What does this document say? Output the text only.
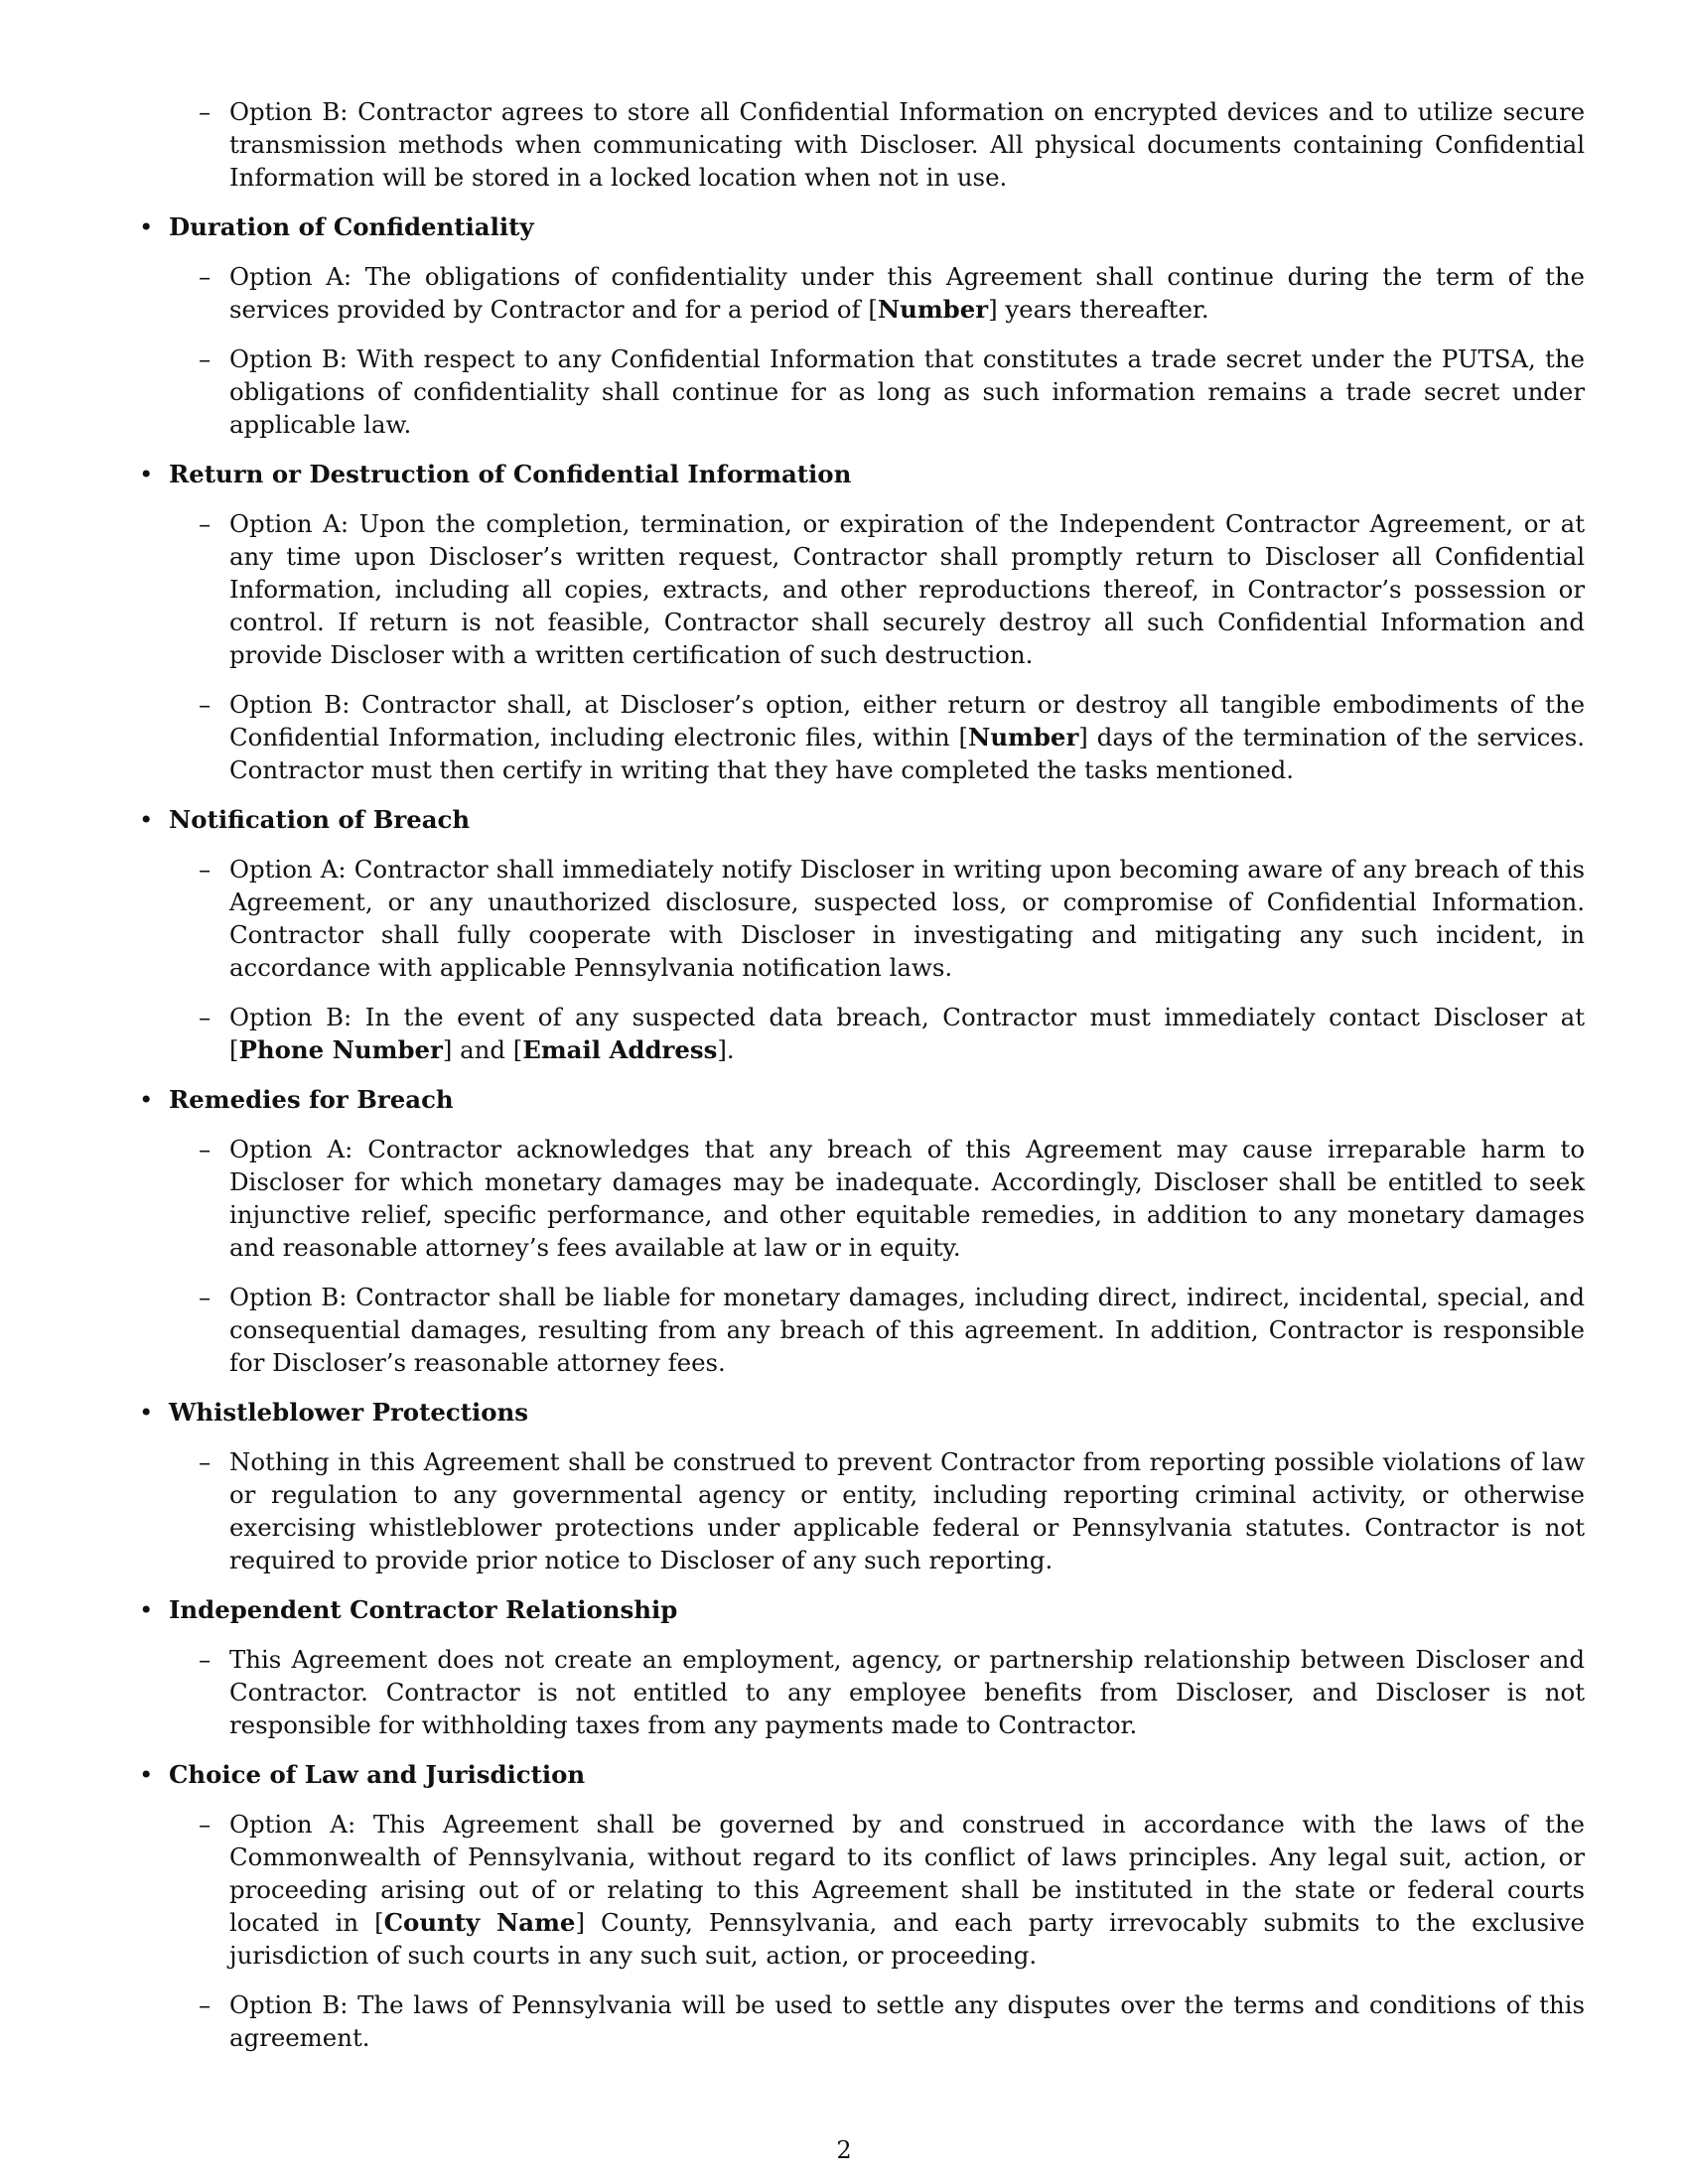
– Option B: Contractor agrees to store all Confidential Information on encrypted devices and to utilize secure transmission methods when communicating with Discloser. All physical documents containing Confidential Information will be stored in a locked location when not in use.
• Duration of Confidentiality
– Option A: The obligations of confidentiality under this Agreement shall continue during the term of the services provided by Contractor and for a period of [Number] years thereafter.
– Option B: With respect to any Confidential Information that constitutes a trade secret under the PUTSA, the obligations of confidentiality shall continue for as long as such information remains a trade secret under applicable law.
• Return or Destruction of Confidential Information
– Option A: Upon the completion, termination, or expiration of the Independent Contractor Agreement, or at any time upon Discloser’s written request, Contractor shall promptly return to Discloser all Confidential Information, including all copies, extracts, and other reproductions thereof, in Contractor’s possession or control. If return is not feasible, Contractor shall securely destroy all such Confidential Information and provide Discloser with a written certification of such destruction.
– Option B: Contractor shall, at Discloser’s option, either return or destroy all tangible embodiments of the Confidential Information, including electronic files, within [Number] days of the termination of the services. Contractor must then certify in writing that they have completed the tasks mentioned.
• Notification of Breach
– Option A: Contractor shall immediately notify Discloser in writing upon becoming aware of any breach of this Agreement, or any unauthorized disclosure, suspected loss, or compromise of Confidential Information. Contractor shall fully cooperate with Discloser in investigating and mitigating any such incident, in accordance with applicable Pennsylvania notification laws.
– Option B: In the event of any suspected data breach, Contractor must immediately contact Discloser at [Phone Number] and [Email Address].
• Remedies for Breach
– Option A: Contractor acknowledges that any breach of this Agreement may cause irreparable harm to Discloser for which monetary damages may be inadequate. Accordingly, Discloser shall be entitled to seek injunctive relief, specific performance, and other equitable remedies, in addition to any monetary damages and reasonable attorney’s fees available at law or in equity.
– Option B: Contractor shall be liable for monetary damages, including direct, indirect, incidental, special, and consequential damages, resulting from any breach of this agreement. In addition, Contractor is responsible for Discloser’s reasonable attorney fees.
• Whistleblower Protections
– Nothing in this Agreement shall be construed to prevent Contractor from reporting possible violations of law or regulation to any governmental agency or entity, including reporting criminal activity, or otherwise exercising whistleblower protections under applicable federal or Pennsylvania statutes. Contractor is not required to provide prior notice to Discloser of any such reporting.
• Independent Contractor Relationship
– This Agreement does not create an employment, agency, or partnership relationship between Discloser and Contractor. Contractor is not entitled to any employee benefits from Discloser, and Discloser is not responsible for withholding taxes from any payments made to Contractor.
• Choice of Law and Jurisdiction
– Option A: This Agreement shall be governed by and construed in accordance with the laws of the Commonwealth of Pennsylvania, without regard to its conflict of laws principles. Any legal suit, action, or proceeding arising out of or relating to this Agreement shall be instituted in the state or federal courts located in [County Name] County, Pennsylvania, and each party irrevocably submits to the exclusive jurisdiction of such courts in any such suit, action, or proceeding.
– Option B: The laws of Pennsylvania will be used to settle any disputes over the terms and conditions of this agreement.
2
